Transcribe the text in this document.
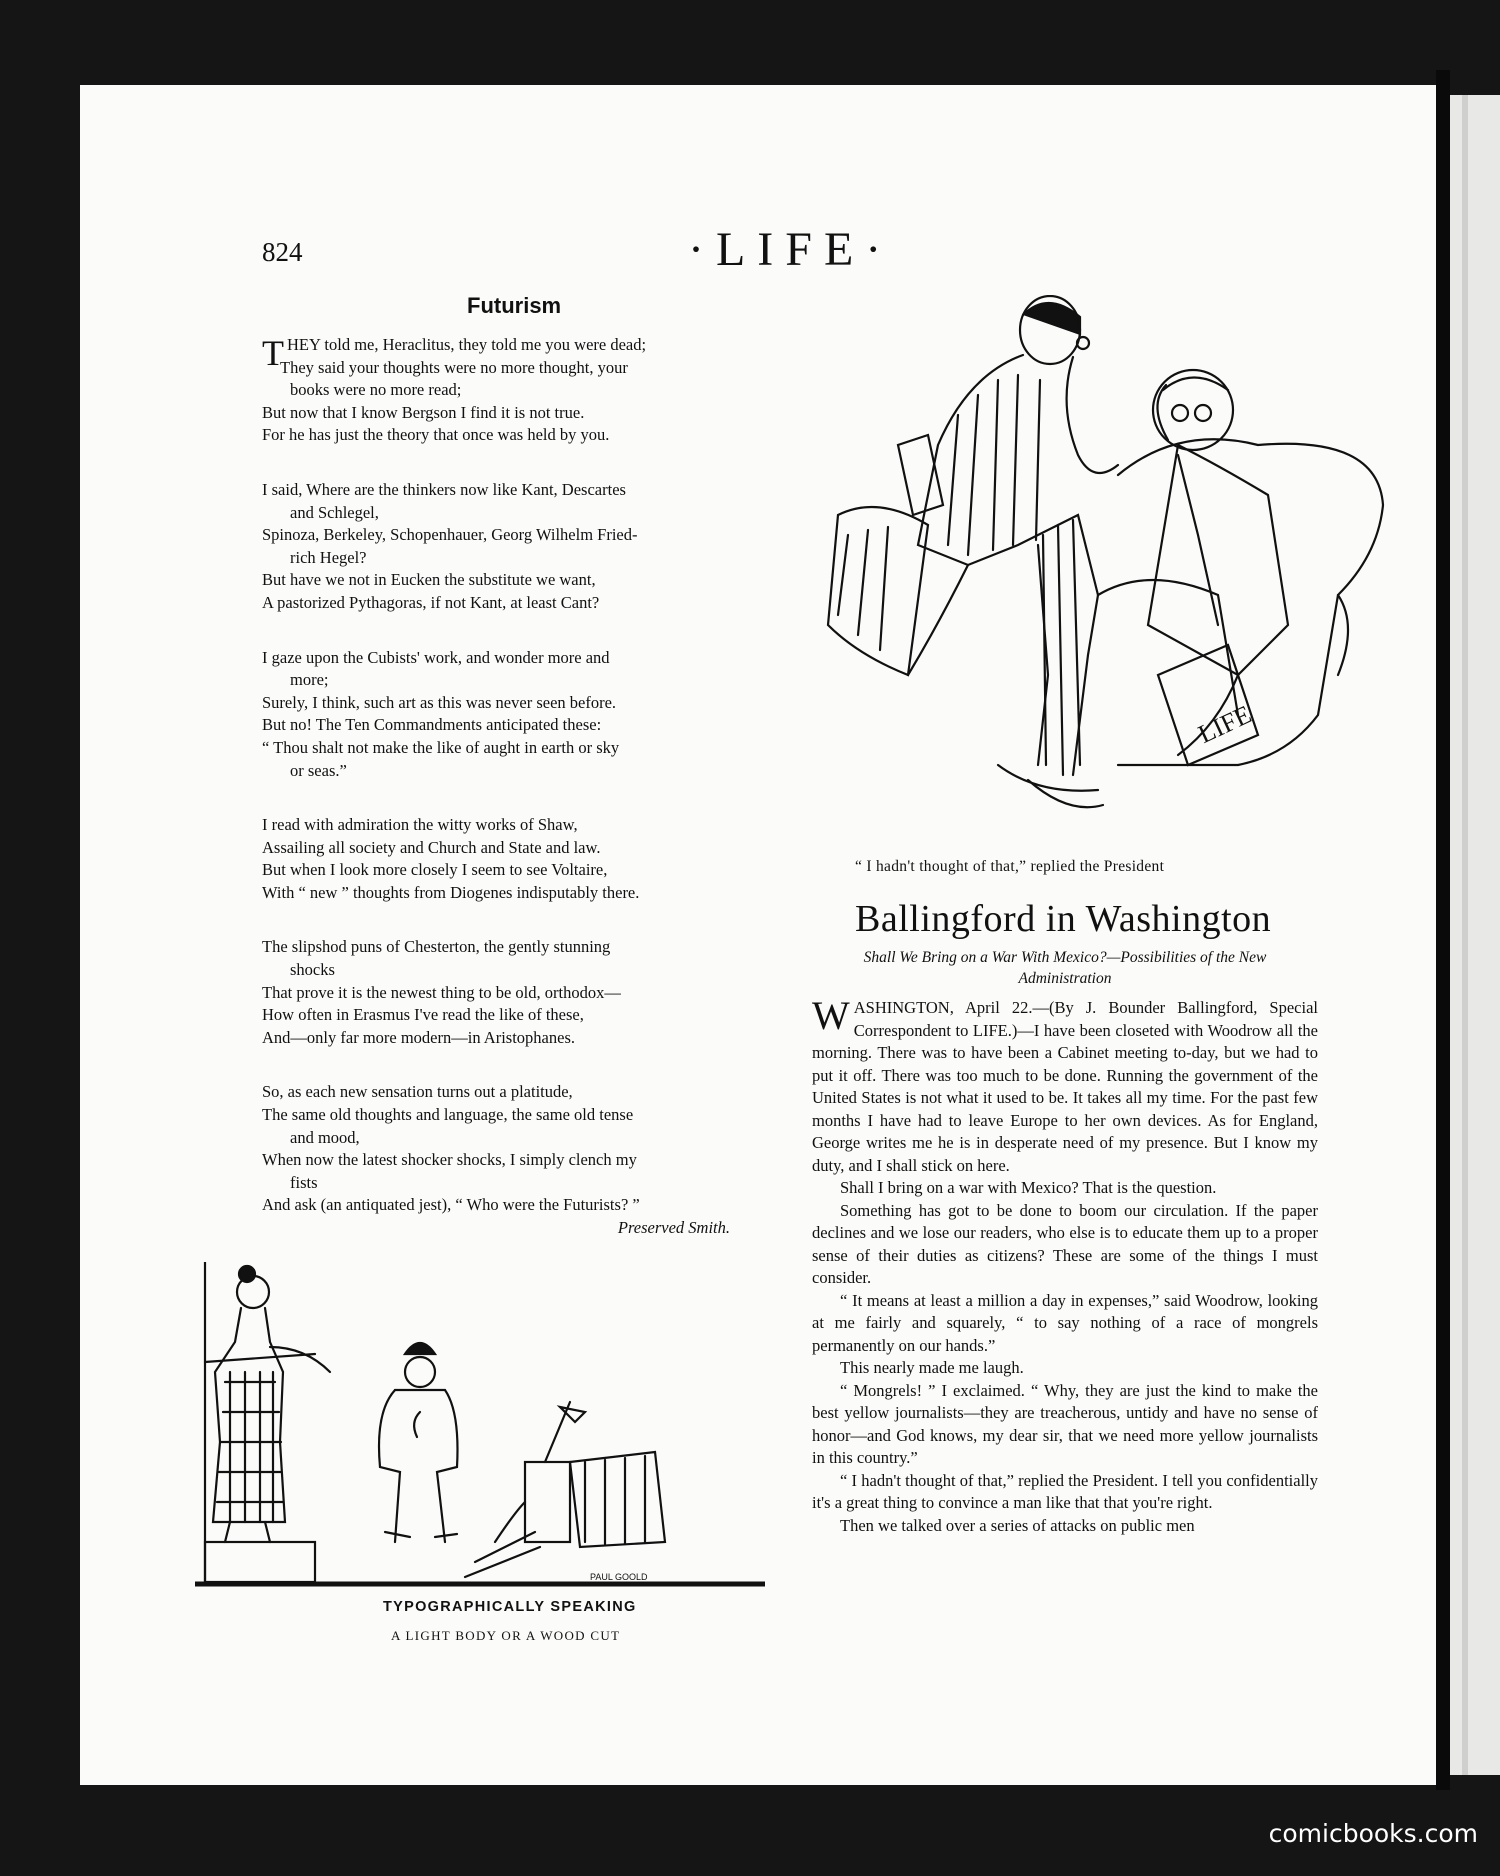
824	·LIFE·
Futurism
THEY told me, Heraclitus, they told me you were dead;
They said your thoughts were no more thought, your
books were no more read;
But now that I know Bergson I find it is not true.
For he has just the theory that once was held by you.
I said, Where are the thinkers now like Kant, Descartes
and Schlegel,
Spinoza, Berkeley, Schopenhauer, Georg Wilhelm Fried-
rich Hegel?
But have we not in Eucken the substitute we want,
A pastorized Pythagoras, if not Kant, at least Cant?
I gaze upon the Cubists' work, and wonder more and
more;
Surely, I think, such art as this was never seen before.
But no! The Ten Commandments anticipated these:
“ Thou shalt not make the like of aught in earth or sky
or seas.”
I read with admiration the witty works of Shaw,
Assailing all society and Church and State and law.
But when I look more closely I seem to see Voltaire,
With “ new ” thoughts from Diogenes indisputably there.
The slipshod puns of Chesterton, the gently stunning
shocks
That prove it is the newest thing to be old, orthodox—
How often in Erasmus I've read the like of these,
And—only far more modern—in Aristophanes.
So, as each new sensation turns out a platitude,
The same old thoughts and language, the same old tense
and mood,
When now the latest shocker shocks, I simply clench my
fists
And ask (an antiquated jest), “ Who were the Futurists? ”
Preserved Smith.
LIFE
“ I hadn't thought of that,” replied the President
Ballingford in Washington
Shall We Bring on a War With Mexico?—Possibilities of the New Administration

WASHINGTON, April 22.—(By J. Bounder Ballingford, Special Correspondent to LIFE.)—I have been closeted with Woodrow all the morning. There was to have been a Cabinet meeting to-day, but we had to put it off. There was too much to be done. Running the government of the United States is not what it used to be. It takes all my time. For the past few months I have had to leave Europe to her own devices. As for England, George writes me he is in desperate need of my presence. But I know my duty, and I shall stick on here.

Shall I bring on a war with Mexico? That is the question.

Something has got to be done to boom our circulation. If the paper declines and we lose our readers, who else is to educate them up to a proper sense of their duties as citizens? These are some of the things I must consider.

“ It means at least a million a day in expenses,” said Woodrow, looking at me fairly and squarely, “ to say nothing of a race of mongrels permanently on our hands.”

This nearly made me laugh.

“ Mongrels! ” I exclaimed. “ Why, they are just the kind to make the best yellow journalists—they are treacherous, untidy and have no sense of honor—and God knows, my dear sir, that we need more yellow journalists in this country.”

“ I hadn't thought of that,” replied the President. I tell you confidentially it's a great thing to convince a man like that that you're right.

Then we talked over a series of attacks on public men

PAUL GOOLD
TYPOGRAPHICALLY SPEAKING
A LIGHT BODY OR A WOOD CUT
comicbooks.com
